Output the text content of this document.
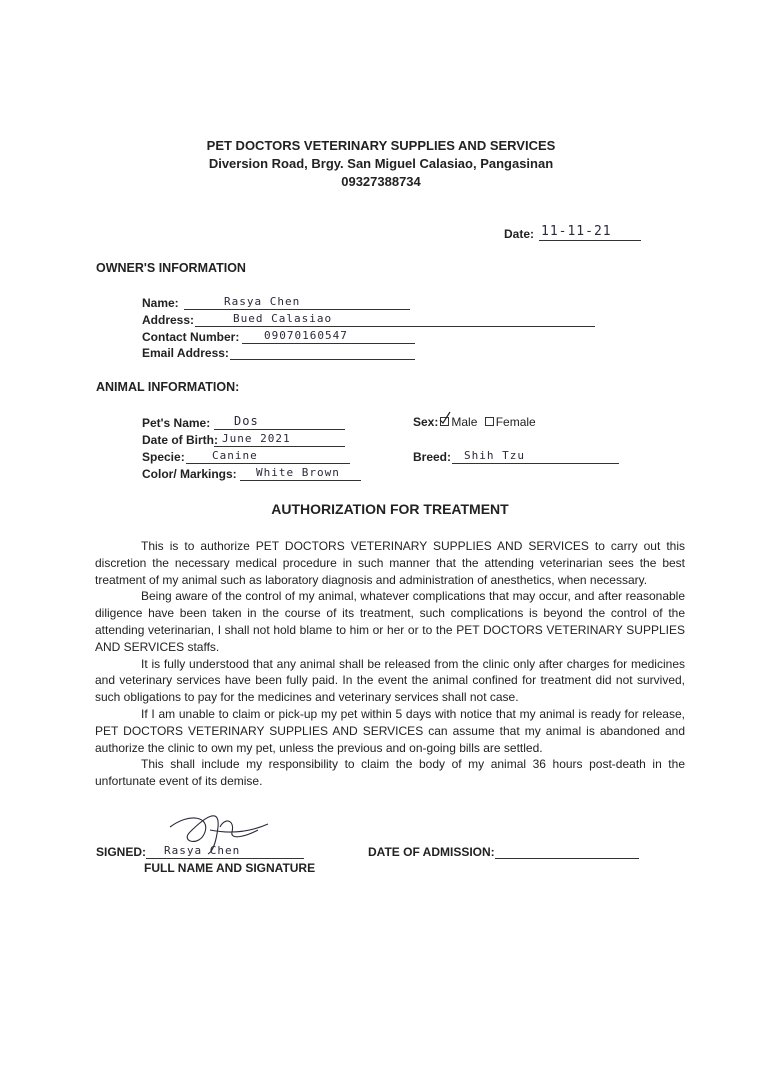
PET DOCTORS VETERINARY SUPPLIES AND SERVICES
Diversion Road, Brgy. San Miguel Calasiao, Pangasinan
09327388734
Date: 11-11-21
OWNER'S INFORMATION
Name:	Rasya Chen
Address:	Bued Calasiao
Contact Number: 09070160547
Email Address:
ANIMAL INFORMATION:
Pet's Name: Dos
Date of Birth: June 2021
Specie: Canine
Color/ Markings: White Brown
Sex: Male Female
Breed: Shih Tzu
AUTHORIZATION FOR TREATMENT

This is to authorize PET DOCTORS VETERINARY SUPPLIES AND SERVICES to carry out this discretion the necessary medical procedure in such manner that the attending veterinarian sees the best treatment of my animal such as laboratory diagnosis and administration of anesthetics, when necessary.

Being aware of the control of my animal, whatever complications that may occur, and after reasonable diligence have been taken in the course of its treatment, such complications is beyond the control of the attending veterinarian, I shall not hold blame to him or her or to the PET DOCTORS VETERINARY SUPPLIES AND SERVICES staffs.

It is fully understood that any animal shall be released from the clinic only after charges for medicines and veterinary services have been fully paid. In the event the animal confined for treatment did not survived, such obligations to pay for the medicines and veterinary services shall not case.

If I am unable to claim or pick-up my pet within 5 days with notice that my animal is ready for release, PET DOCTORS VETERINARY SUPPLIES AND SERVICES can assume that my animal is abandoned and authorize the clinic to own my pet, unless the previous and on-going bills are settled.

This shall include my responsibility to claim the body of my animal 36 hours post-death in the unfortunate event of its demise.

SIGNED: Rasya Chen
FULL NAME AND SIGNATURE
DATE OF ADMISSION:
